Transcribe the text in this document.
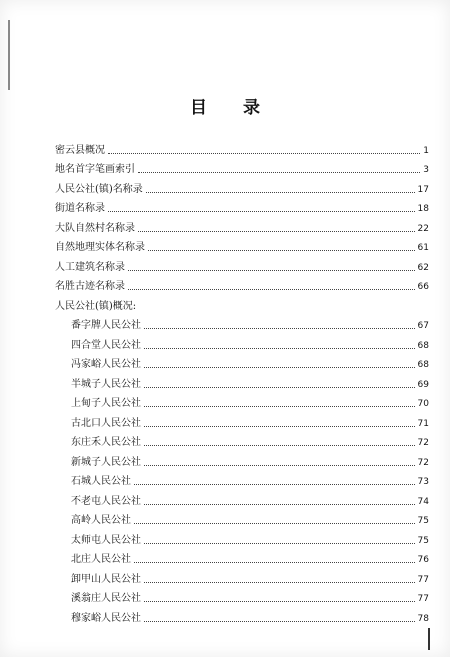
目 录
密云县概况	1
地名首字笔画索引	3
人民公社(镇)名称录	17
街道名称录	18
大队自然村名称录	22
自然地理实体名称录	61
人工建筑名称录	62
名胜古迹名称录	66
人民公社(镇)概况:
番字牌人民公社	67
四合堂人民公社	68
冯家峪人民公社	68
半城子人民公社	69
上甸子人民公社	70
古北口人民公社	71
东庄禾人民公社	72
新城子人民公社	72
石城人民公社	73
不老屯人民公社	74
高岭人民公社	75
太师屯人民公社	75
北庄人民公社	76
卸甲山人民公社	77
溪翁庄人民公社	77
穆家峪人民公社	78
